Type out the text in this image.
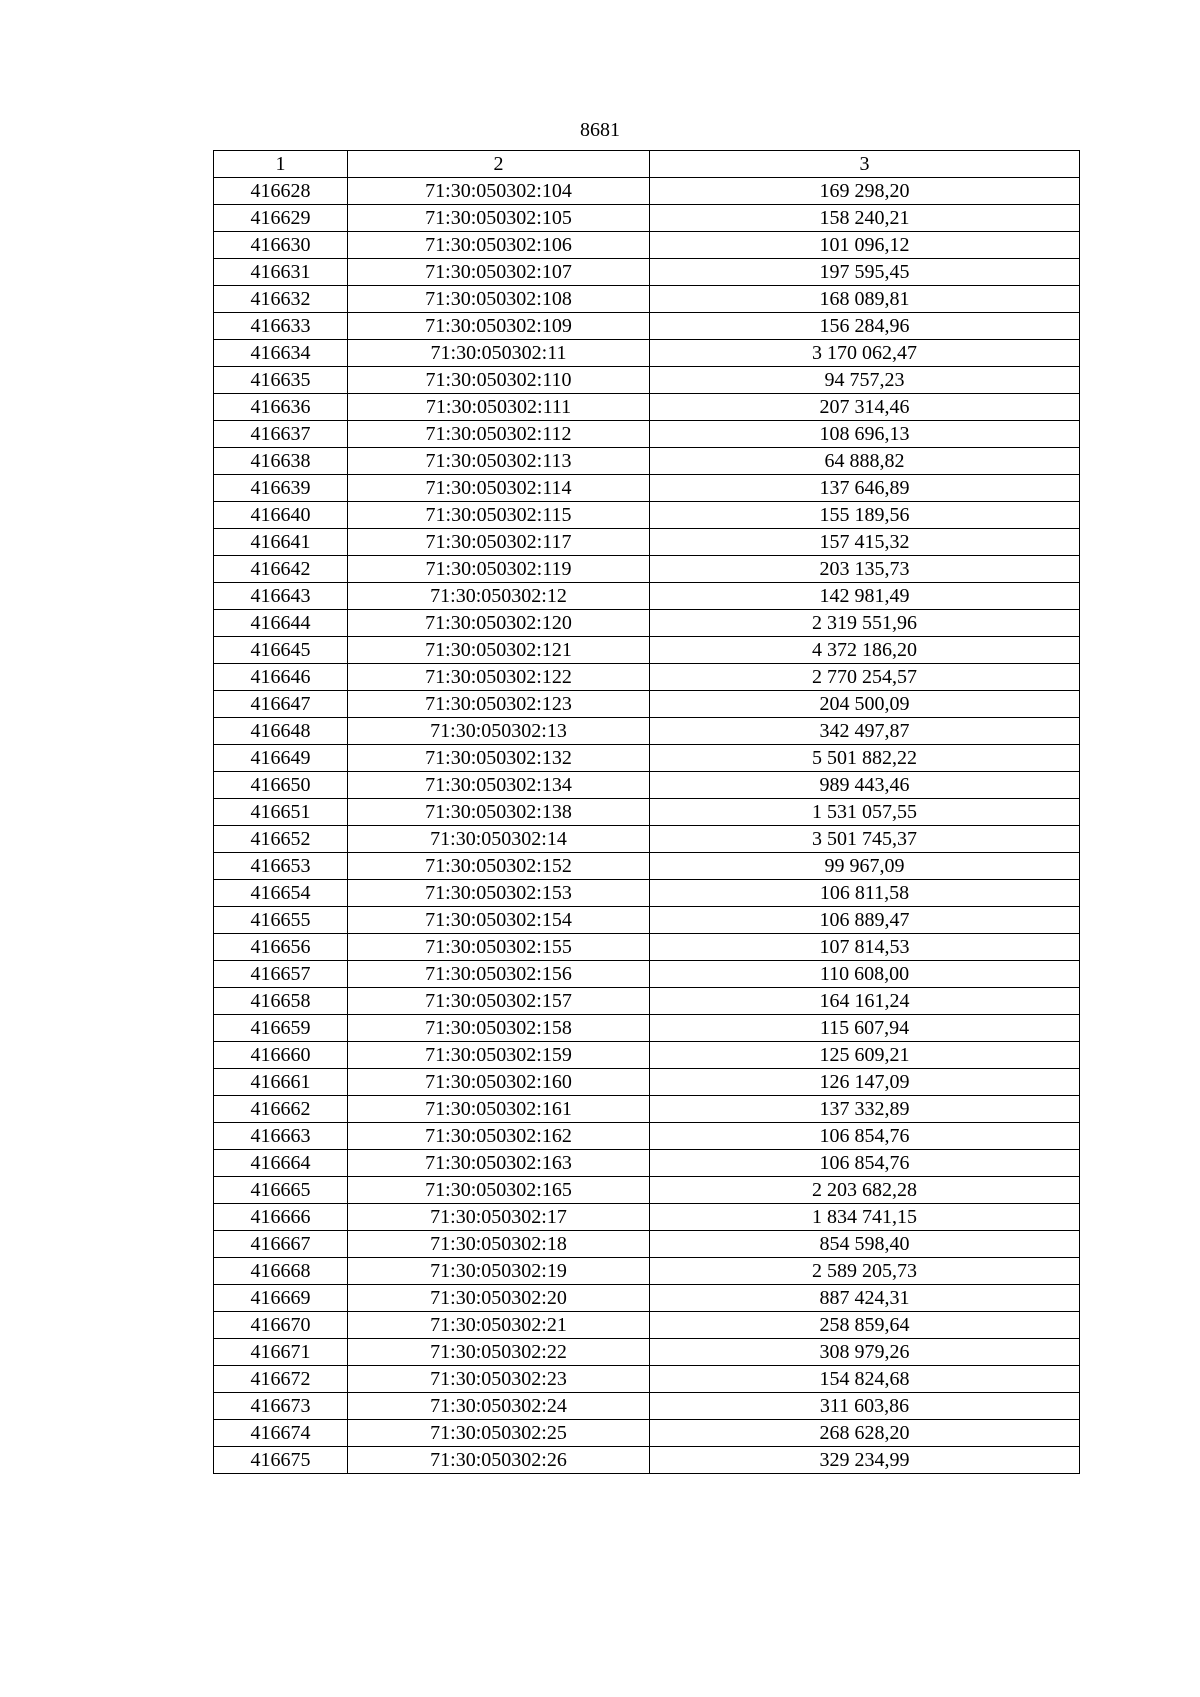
8681
1	2	3
416628	71:30:050302:104	169 298,20
416629	71:30:050302:105	158 240,21
416630	71:30:050302:106	101 096,12
416631	71:30:050302:107	197 595,45
416632	71:30:050302:108	168 089,81
416633	71:30:050302:109	156 284,96
416634	71:30:050302:11	3 170 062,47
416635	71:30:050302:110	94 757,23
416636	71:30:050302:111	207 314,46
416637	71:30:050302:112	108 696,13
416638	71:30:050302:113	64 888,82
416639	71:30:050302:114	137 646,89
416640	71:30:050302:115	155 189,56
416641	71:30:050302:117	157 415,32
416642	71:30:050302:119	203 135,73
416643	71:30:050302:12	142 981,49
416644	71:30:050302:120	2 319 551,96
416645	71:30:050302:121	4 372 186,20
416646	71:30:050302:122	2 770 254,57
416647	71:30:050302:123	204 500,09
416648	71:30:050302:13	342 497,87
416649	71:30:050302:132	5 501 882,22
416650	71:30:050302:134	989 443,46
416651	71:30:050302:138	1 531 057,55
416652	71:30:050302:14	3 501 745,37
416653	71:30:050302:152	99 967,09
416654	71:30:050302:153	106 811,58
416655	71:30:050302:154	106 889,47
416656	71:30:050302:155	107 814,53
416657	71:30:050302:156	110 608,00
416658	71:30:050302:157	164 161,24
416659	71:30:050302:158	115 607,94
416660	71:30:050302:159	125 609,21
416661	71:30:050302:160	126 147,09
416662	71:30:050302:161	137 332,89
416663	71:30:050302:162	106 854,76
416664	71:30:050302:163	106 854,76
416665	71:30:050302:165	2 203 682,28
416666	71:30:050302:17	1 834 741,15
416667	71:30:050302:18	854 598,40
416668	71:30:050302:19	2 589 205,73
416669	71:30:050302:20	887 424,31
416670	71:30:050302:21	258 859,64
416671	71:30:050302:22	308 979,26
416672	71:30:050302:23	154 824,68
416673	71:30:050302:24	311 603,86
416674	71:30:050302:25	268 628,20
416675	71:30:050302:26	329 234,99
